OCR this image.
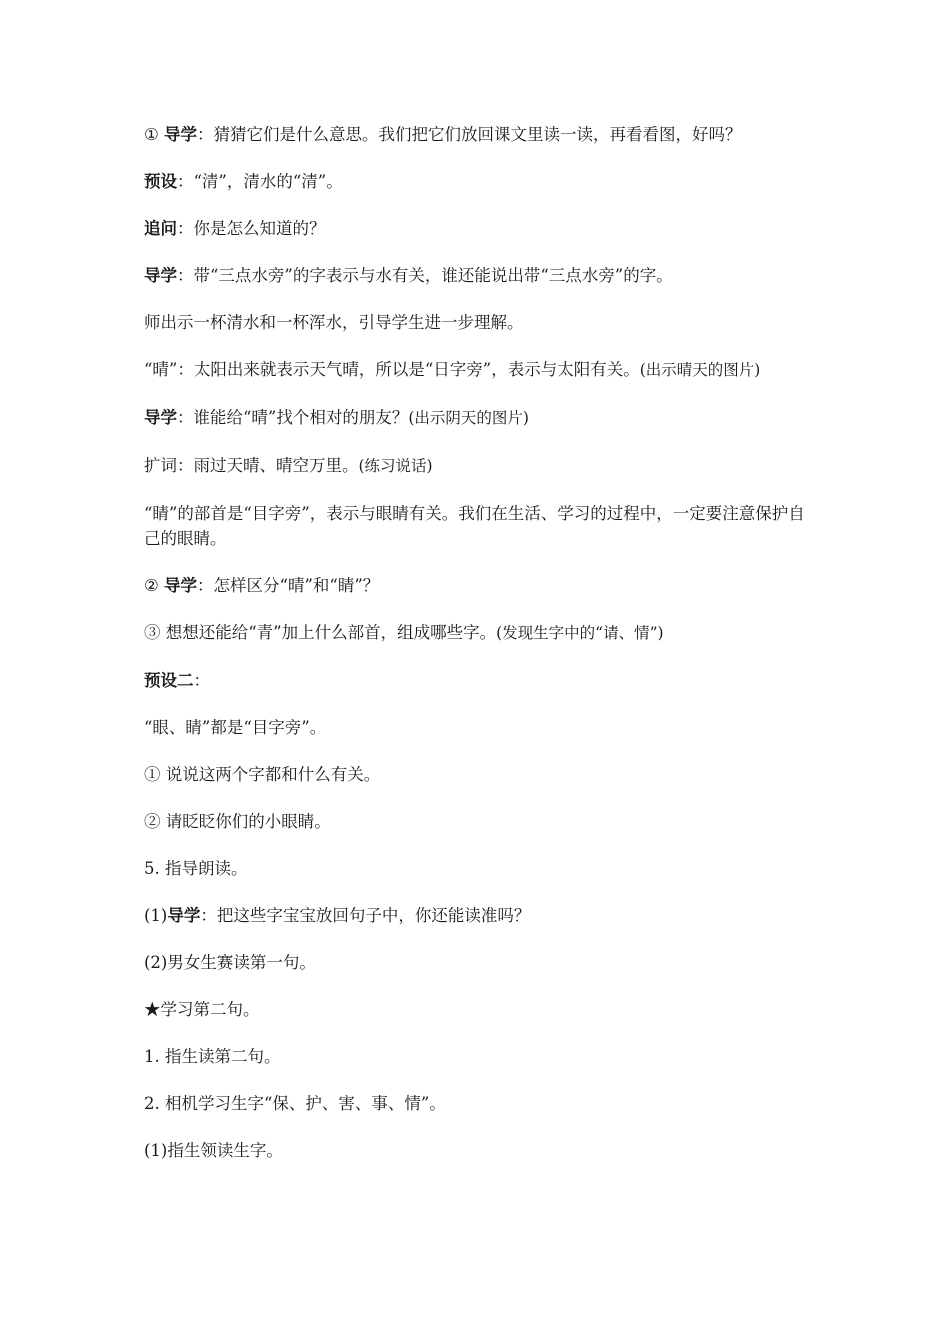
① 导学：猜猜它们是什么意思。我们把它们放回课文里读一读，再看看图，好吗？

预设：“清”，清水的“清”。

追问：你是怎么知道的？

导学：带“三点水旁”的字表示与水有关，谁还能说出带“三点水旁”的字。

师出示一杯清水和一杯浑水，引导学生进一步理解。

“晴”：太阳出来就表示天气晴，所以是“日字旁”，表示与太阳有关。(出示晴天的图片)

导学：谁能给“晴”找个相对的朋友？(出示阴天的图片)

扩词：雨过天晴、晴空万里。(练习说话)

“睛”的部首是“目字旁”，表示与眼睛有关。我们在生活、学习的过程中，一定要注意保护自己的眼睛。

② 导学：怎样区分“晴”和“睛”？

③ 想想还能给“青”加上什么部首，组成哪些字。(发现生字中的“请、情”)

预设二：

“眼、睛”都是“目字旁”。

① 说说这两个字都和什么有关。

② 请眨眨你们的小眼睛。

5. 指导朗读。

(1)导学：把这些字宝宝放回句子中，你还能读准吗？

(2)男女生赛读第一句。

★学习第二句。

1. 指生读第二句。

2. 相机学习生字“保、护、害、事、情”。

(1)指生领读生字。
